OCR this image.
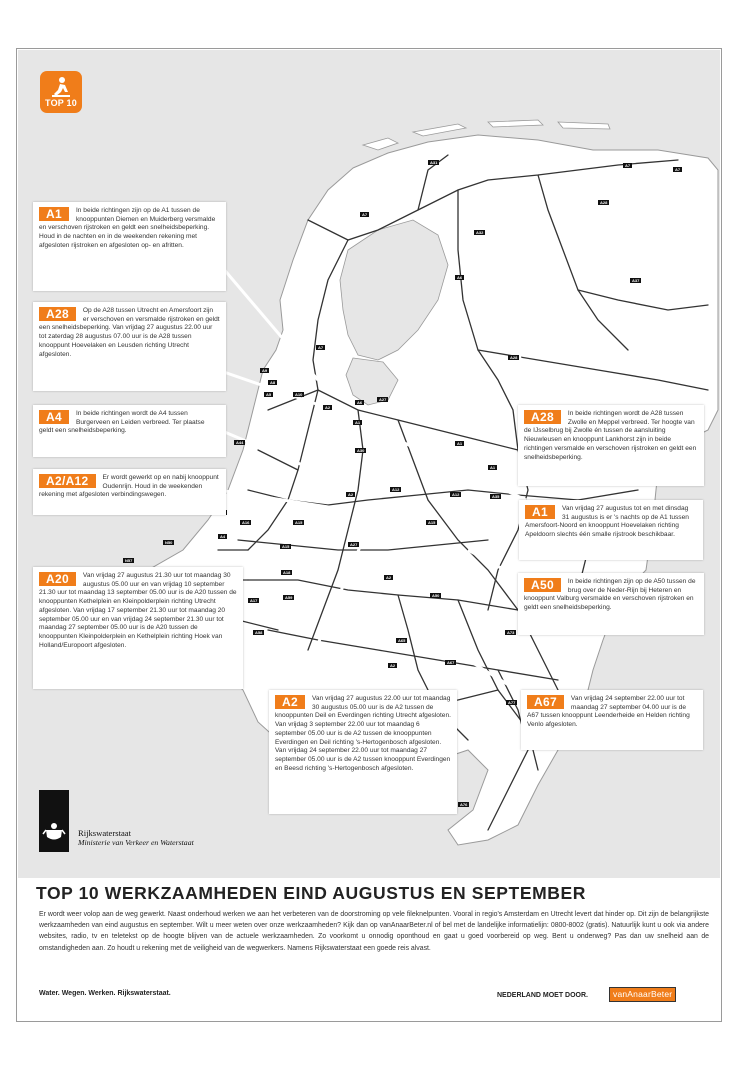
A31
A7
A7
A7
A32
A28
A6
A37
A28
A7
A9
A8
A10
A5
A1
A2
A6
A27
A1
A30
A44
A12
A12
A2
A1
A35
A15
A16
A15	A27
A2
A59	A50
A17
A58
A67
A73
A2
A65
A76
N57
A4
A15
A18
A77
N50
TOP 10
A1	In beide richtingen zijn op de A1 tussen de knooppunten Diemen en Muiderberg versmalde en verschoven rijstroken en geldt een snelheidsbeperking. Houd in de nachten en in de weekenden rekening met afgesloten rijstroken en afgesloten op- en afritten.
A28	Op de A28 tussen Utrecht en Amersfoort zijn er verschoven en versmalde rijstroken en geldt een snelheidsbeperking. Van vrijdag 27 augustus 22.00 uur tot zaterdag 28 augustus 07.00 uur is de A28 tussen knooppunt Hoevelaken en Leusden richting Utrecht afgesloten.
A4	In beide richtingen wordt de A4 tussen Burgerveen en Leiden verbreed. Ter plaatse geldt een snelheidsbeperking.
A2/A12	Er wordt gewerkt op en nabij knooppunt Oudenrijn. Houd in de weekenden rekening met afgesloten verbindingswegen.
A20	Van vrijdag 27 augustus 21.30 uur tot maandag 30 augustus 05.00 uur en van vrijdag 10 september 21.30 uur tot maandag 13 september 05.00 uur is de A20 tussen de knooppunten Kethelplein en Kleinpolderplein richting Utrecht afgesloten. Van vrijdag 17 september 21.30 uur tot maandag 20 september 05.00 uur en van vrijdag 24 september 21.30 uur tot maandag 27 september 05.00 uur is de A20 tussen de knooppunten Kleinpolderplein en Kethelplein richting Hoek van Holland/Europoort afgesloten.
A2	Van vrijdag 27 augustus 22.00 uur tot maandag 30 augustus 05.00 uur is de A2 tussen de knooppunten Deil en Everdingen richting Utrecht afgesloten. Van vrijdag 3 september 22.00 uur tot maandag 6 september 05.00 uur is de A2 tussen de knooppunten Everdingen en Deil richting 's-Hertogenbosch afgesloten. Van vrijdag 24 september 22.00 uur tot maandag 27 september 05.00 uur is de A2 tussen knooppunt Everdingen en Beesd richting 's-Hertogenbosch afgesloten.
A28	In beide richtingen wordt de A28 tussen Zwolle en Meppel verbreed. Ter hoogte van de IJsselbrug bij Zwolle én tussen de aansluiting Nieuwleusen en knooppunt Lankhorst zijn in beide richtingen versmalde en verschoven rijstroken en geldt een snelheidsbeperking.
A1	Van vrijdag 27 augustus tot en met dinsdag 31 augustus is er 's nachts op de A1 tussen Amersfoort-Noord en knooppunt Hoevelaken richting Apeldoorn slechts één smalle rijstrook beschikbaar.
A50	In beide richtingen zijn op de A50 tussen de brug over de Neder-Rijn bij Heteren en knooppunt Valburg versmalde en verschoven rijstroken en geldt een snelheidsbeperking.
A67	Van vrijdag 24 september 22.00 uur tot maandag 27 september 04.00 uur is de A67 tussen knooppunt Leenderheide en Helden richting Venlo afgesloten.
Rijkswaterstaat
Ministerie van Verkeer en Waterstaat
TOP 10 WERKZAAMHEDEN EIND AUGUSTUS EN SEPTEMBER
Er wordt weer volop aan de weg gewerkt. Naast onderhoud werken we aan het verbeteren van de doorstroming op vele fileknelpunten. Vooral in regio's Amsterdam en Utrecht levert dat hinder op. Dit zijn de belangrijkste werkzaamheden van eind augustus en september. Wilt u meer weten over onze werkzaamheden? Kijk dan op vanAnaarBeter.nl of bel met de landelijke informatielijn: 0800-8002 (gratis). Natuurlijk kunt u ook via andere websites, radio, tv en teletekst op de hoogte blijven van de actuele werkzaamheden. Zo voorkomt u onnodig oponthoud en gaat u goed voorbereid op weg. Bent u onderweg? Pas dan uw snelheid aan de omstandigheden aan. Zo houdt u rekening met de veiligheid van de wegwerkers. Namens Rijkswaterstaat een goede reis alvast.
Water. Wegen. Werken. Rijkswaterstaat.	NEDERLAND MOET DOOR.	vanAnaarBeter
